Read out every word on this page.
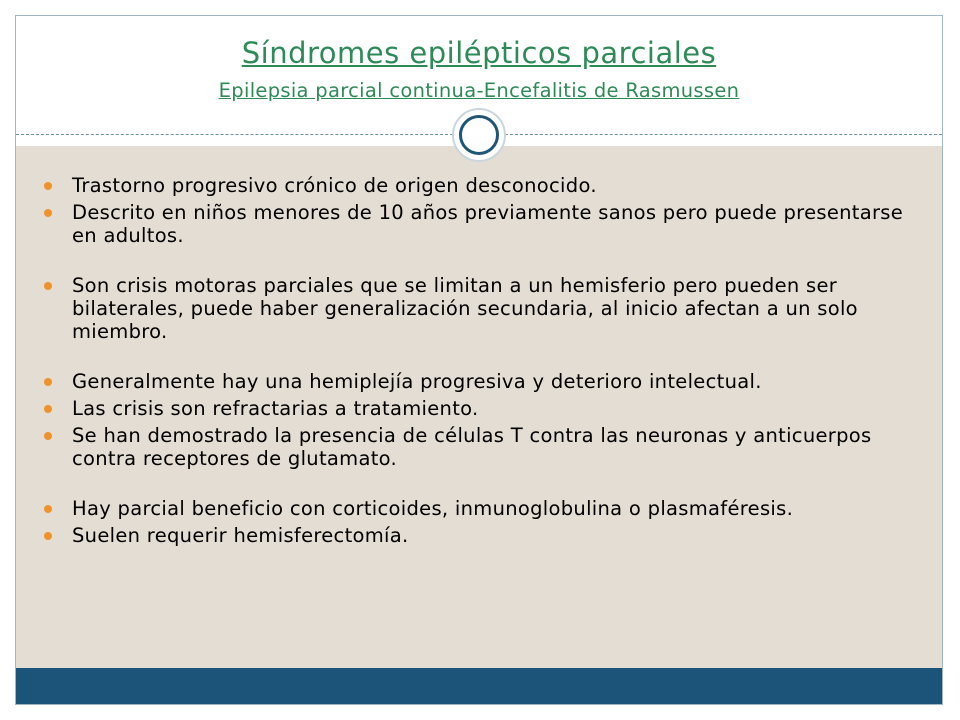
Síndromes epilépticos parciales
Epilepsia parcial continua-Encefalitis de Rasmussen
Trastorno progresivo crónico de origen desconocido.
Descrito en niños menores de 10 años previamente sanos pero puede presentarse en adultos.
Son crisis motoras parciales que se limitan a un hemisferio pero pueden ser bilaterales, puede haber generalización secundaria, al inicio afectan a un solo miembro.
Generalmente hay una hemiplejía progresiva y deterioro intelectual.
Las crisis son refractarias a tratamiento.
Se han demostrado la presencia de células T contra las neuronas y anticuerpos contra receptores de glutamato.
Hay parcial beneficio con corticoides, inmunoglobulina o plasmaféresis.
Suelen requerir hemisferectomía.
